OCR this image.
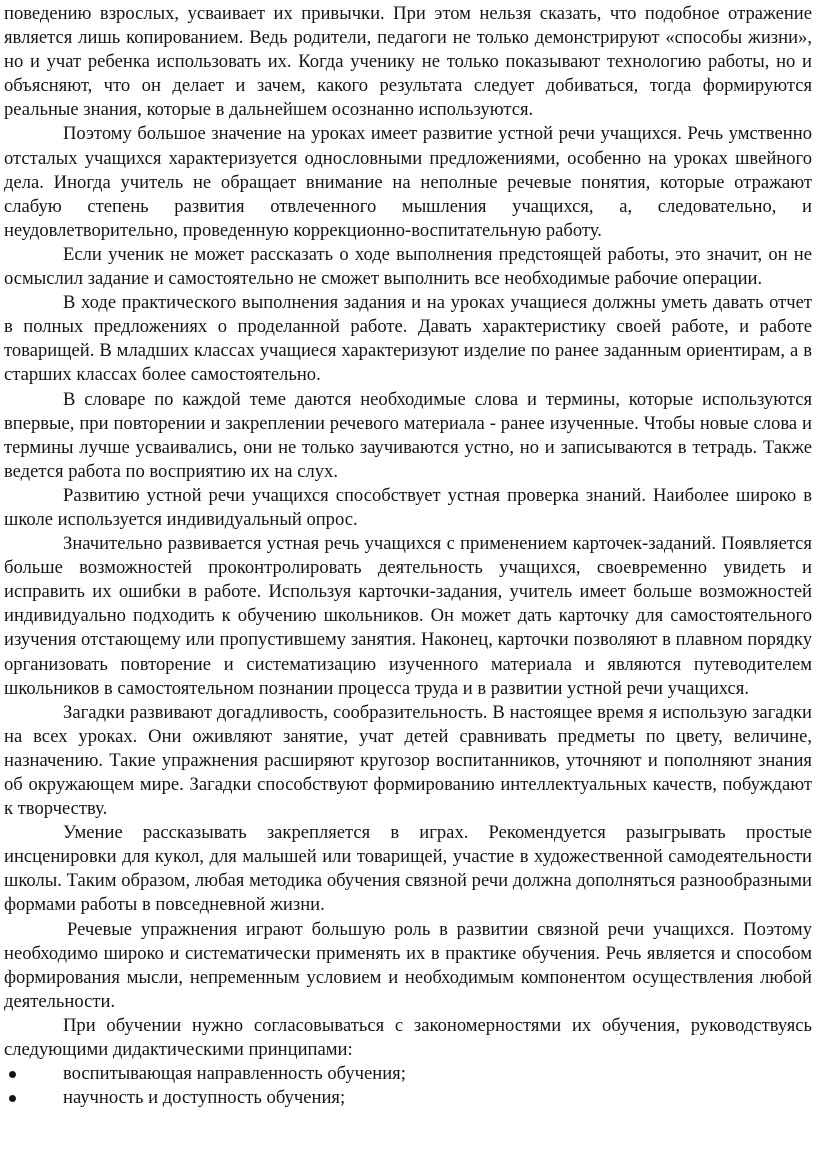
поведению взрослых, усваивает их привычки. При этом нельзя сказать, что подобное отражение является лишь копированием. Ведь родители, педагоги не только демонстрируют «способы жизни», но и учат ребенка использовать их. Когда ученику не только показывают технологию работы, но и объясняют, что он делает и зачем, какого результата следует добиваться, тогда формируются реальные знания, которые в дальнейшем осознанно используются.

Поэтому большое значение на уроках имеет развитие устной речи учащихся. Речь умственно отсталых учащихся характеризуется однословными предложениями, особенно на уроках швейного дела. Иногда учитель не обращает внимание на неполные речевые понятия, которые отражают слабую степень развития отвлеченного мышления учащихся, а, следовательно, и неудовлетворительно, проведенную коррекционно-воспитательную работу.

Если ученик не может рассказать о ходе выполнения предстоящей работы, это значит, он не осмыслил задание и самостоятельно не сможет выполнить все необходимые рабочие операции.

В ходе практического выполнения задания и на уроках учащиеся должны уметь давать отчет в полных предложениях о проделанной работе. Давать характеристику своей работе, и работе товарищей. В младших классах учащиеся характеризуют изделие по ранее заданным ориентирам, а в старших классах более самостоятельно.

В словаре по каждой теме даются необходимые слова и термины, которые используются впервые, при повторении и закреплении речевого материала - ранее изученные. Чтобы новые слова и термины лучше усваивались, они не только заучиваются устно, но и записываются в тетрадь. Также ведется работа по восприятию их на слух.

Развитию устной речи учащихся способствует устная проверка знаний. Наиболее широко в школе используется индивидуальный опрос.

Значительно развивается устная речь учащихся с применением карточек-заданий. Появляется больше возможностей проконтролировать деятельность учащихся, своевременно увидеть и исправить их ошибки в работе. Используя карточки-задания, учитель имеет больше возможностей индивидуально подходить к обучению школьников. Он может дать карточку для самостоятельного изучения отстающему или пропустившему занятия. Наконец, карточки позволяют в плавном порядку организовать повторение и систематизацию изученного материала и являются путеводителем школьников в самостоятельном познании процесса труда и в развитии устной речи учащихся.

Загадки развивают догадливость, сообразительность. В настоящее время я использую загадки на всех уроках. Они оживляют занятие, учат детей сравнивать предметы по цвету, величине, назначению. Такие упражнения расширяют кругозор воспитанников, уточняют и пополняют знания об окружающем мире. Загадки способствуют формированию интеллектуальных качеств, побуждают к творчеству.

Умение рассказывать закрепляется в играх. Рекомендуется разыгрывать простые инсценировки для кукол, для малышей или товарищей, участие в художественной самодеятельности школы. Таким образом, любая методика обучения связной речи должна дополняться разнообразными формами работы в повседневной жизни.

Речевые упражнения играют большую роль в развитии связной речи учащихся. Поэтому необходимо широко и систематически применять их в практике обучения. Речь является и способом формирования мысли, непременным условием и необходимым компонентом осуществления любой деятельности.

При обучении нужно согласовываться с закономерностями их обучения, руководствуясь следующими дидактическими принципами:

воспитывающая направленность обучения;
научность и доступность обучения;
